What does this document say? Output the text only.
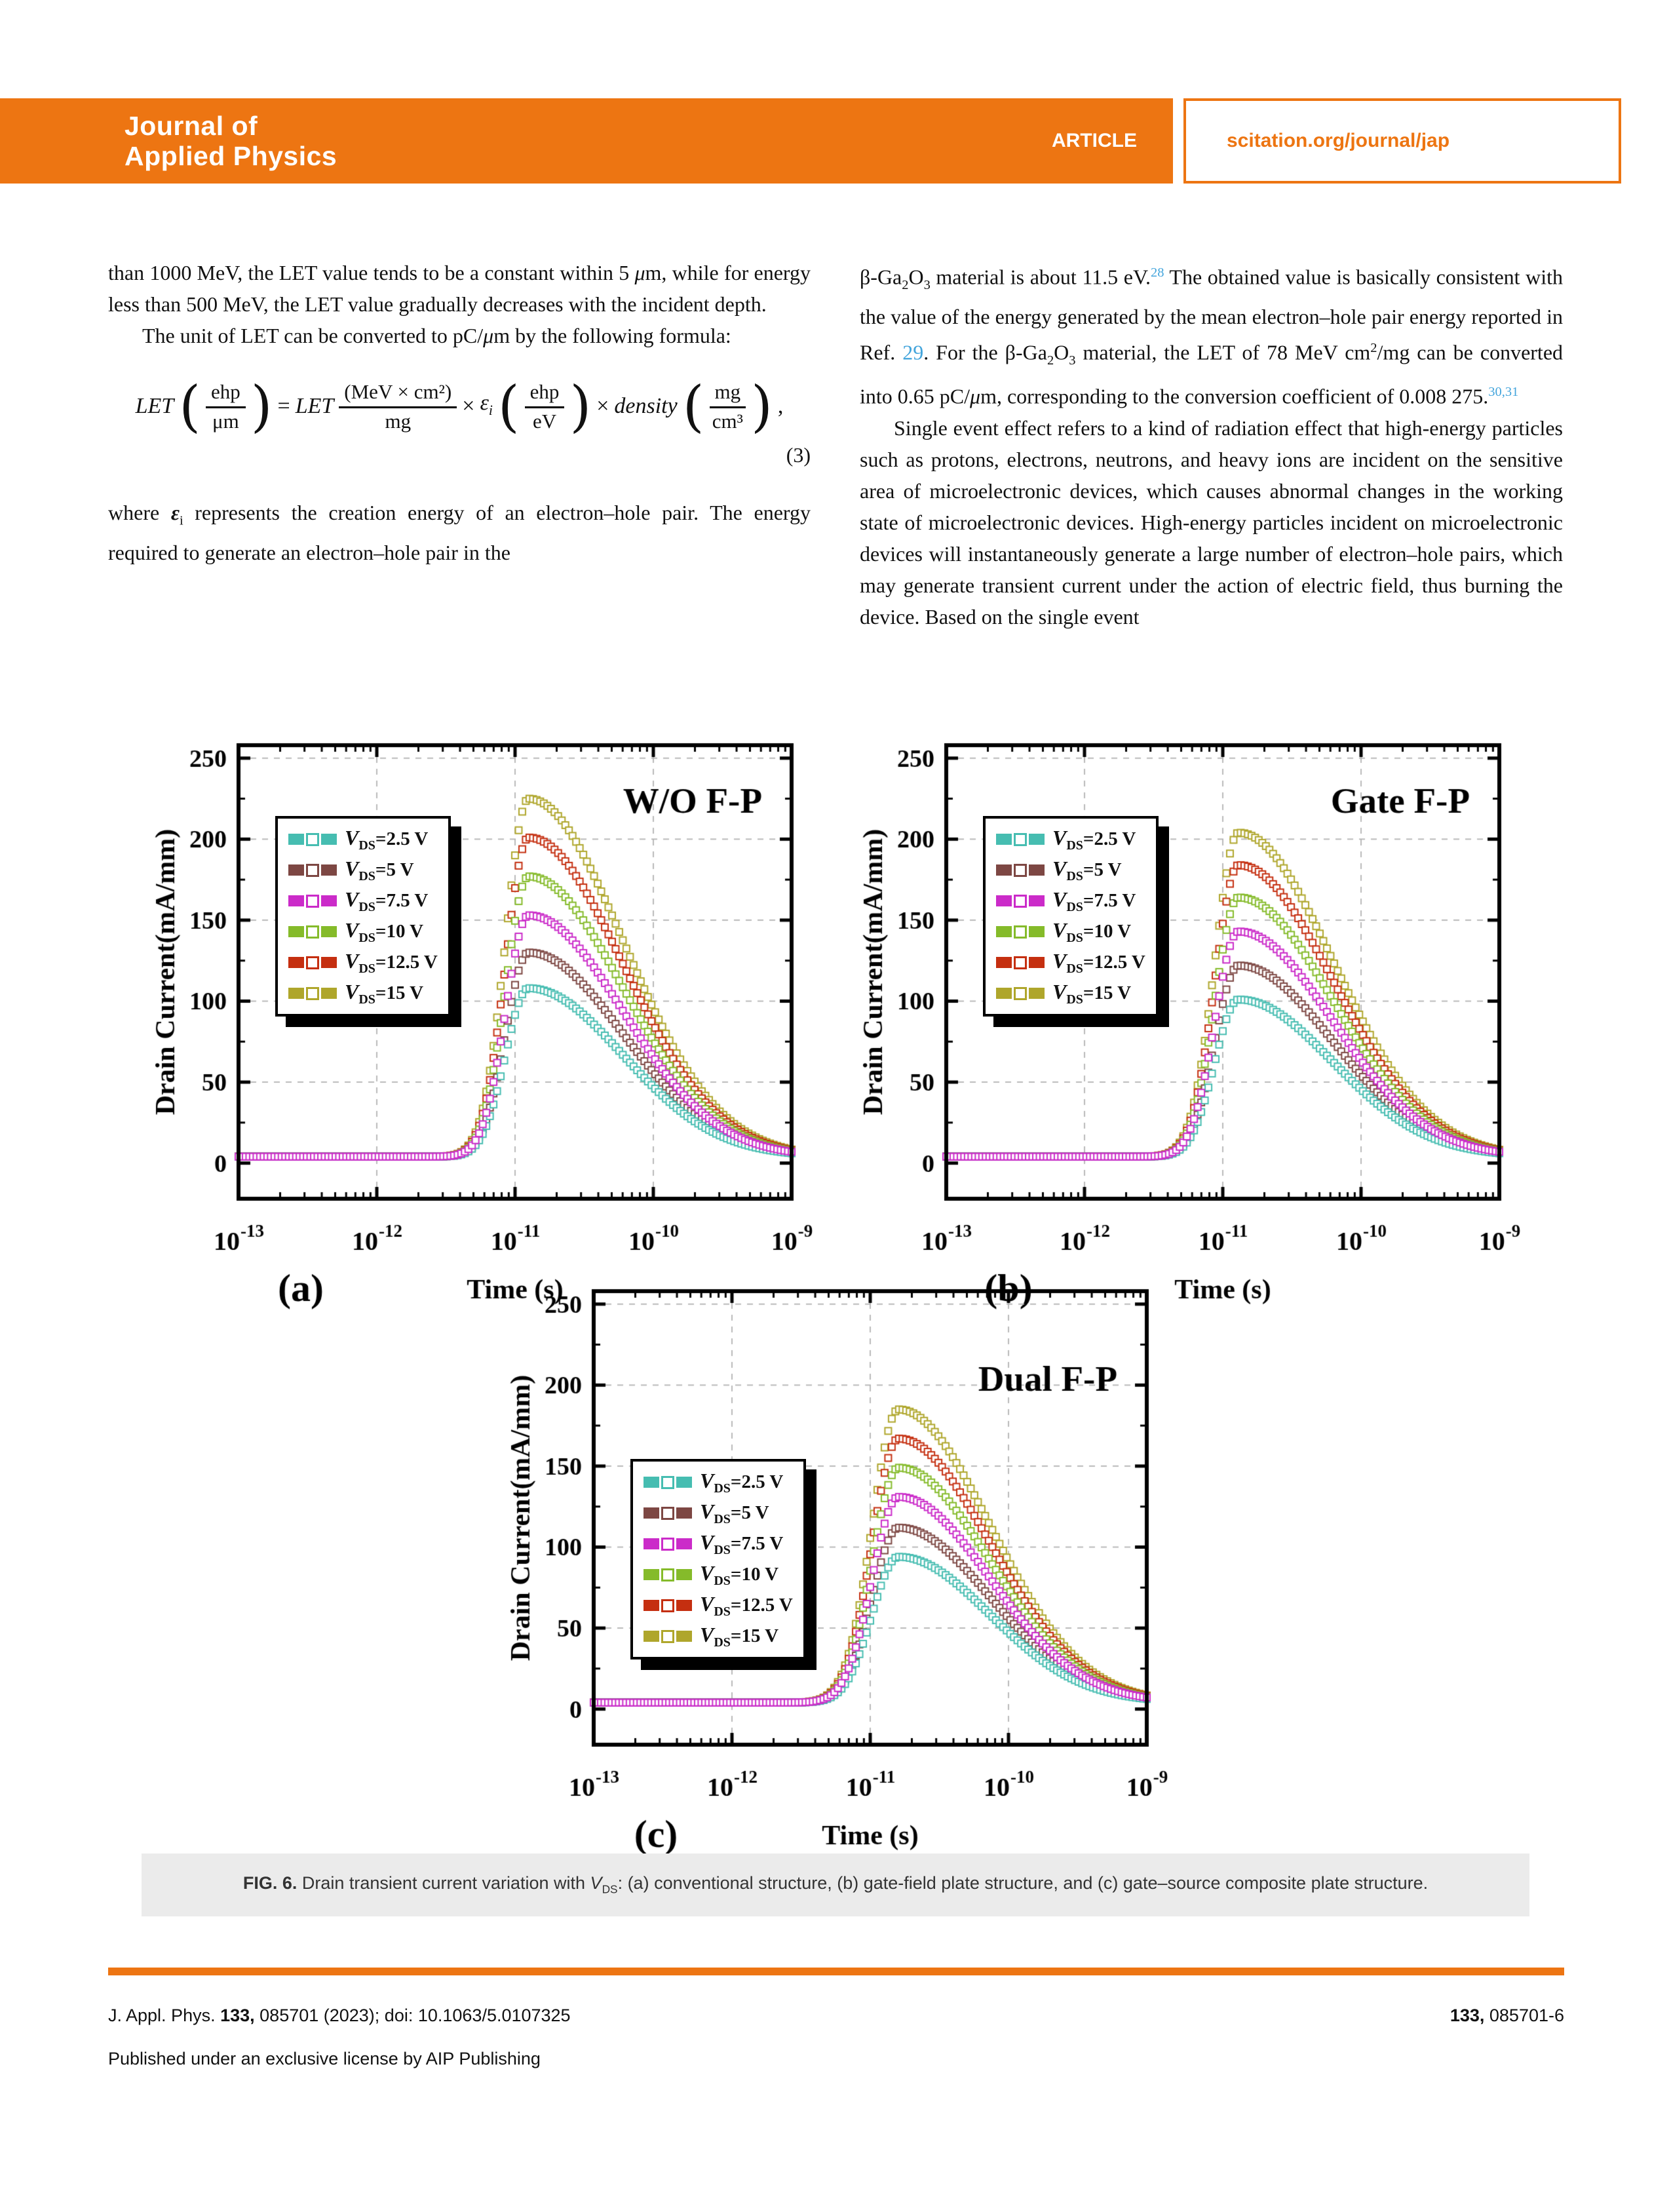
Journal of
Applied Physics
ARTICLE	scitation.org/journal/jap

than 1000 MeV, the LET value tends to be a constant within 5 μm, while for energy less than 500 MeV, the LET value gradually decreases with the incident depth.

The unit of LET can be converted to pC/μm by the following formula:

LET ( $\frac{\text{ehp}}{\mu m}$ ) = LET $\frac{\text{(MeV × cm²)}}{mg} \times \varepsilon_i$ ( $\frac{\text{ehp}}{eV}$ ) × density ( $\frac{mg}{\text{cm³}}$ ) ,
(3)

where $\varepsilon_i$ represents the creation energy of an electron–hole pair. The energy required to generate an electron–hole pair in the

$\beta-Ga_2O_3$ material is about 11.5 eV.$^{28}$ The obtained value is basically consistent with the value of the energy generated by the mean electron–hole pair energy reported in Ref. 29. For the $\beta-Ga_2O_3$ material, the LET of 78 MeV $cm^2/mg$ can be converted into 0.65 pC/μm, corresponding to the conversion coefficient of 0.008 275.$^{30,31}$

Single event effect refers to a kind of radiation effect that high-energy particles such as protons, electrons, neutrons, and heavy ions are incident on the sensitive area of microelectronic devices, which causes abnormal changes in the working state of microelectronic devices. High-energy particles incident on microelectronic devices will instantaneously generate a large number of electron–hole pairs, which may generate transient current under the action of electric field, thus burning the device. Based on the single event

$V_{DS}=2.5$ V
$V_{DS}=5$ V
$V_{DS}=7.5$ V
$V_{DS}=10$ V
$V_{DS}=12.5$ V
$V_{DS}=15$ V
$V_{DS}=2.5$ V
$V_{DS}=5$ V
$V_{DS}=7.5$ V
$V_{DS}=10$ V
$V_{DS}=12.5$ V
$V_{DS}=15$ V
$V_{DS}=2.5$ V
$V_{DS}=5$ V
$V_{DS}=7.5$ V
$V_{DS}=10$ V
$V_{DS}=12.5$ V
$V_{DS}=15$ V

FIG. 6. Drain transient current variation with $V_{DS}$: (a) conventional structure, (b) gate-field plate structure, and (c) gate–source composite plate structure.

J. Appl. Phys. 133, 085701 (2023); doi: 10.1063/5.0107325	133, 085701-6
Published under an exclusive license by AIP Publishing
